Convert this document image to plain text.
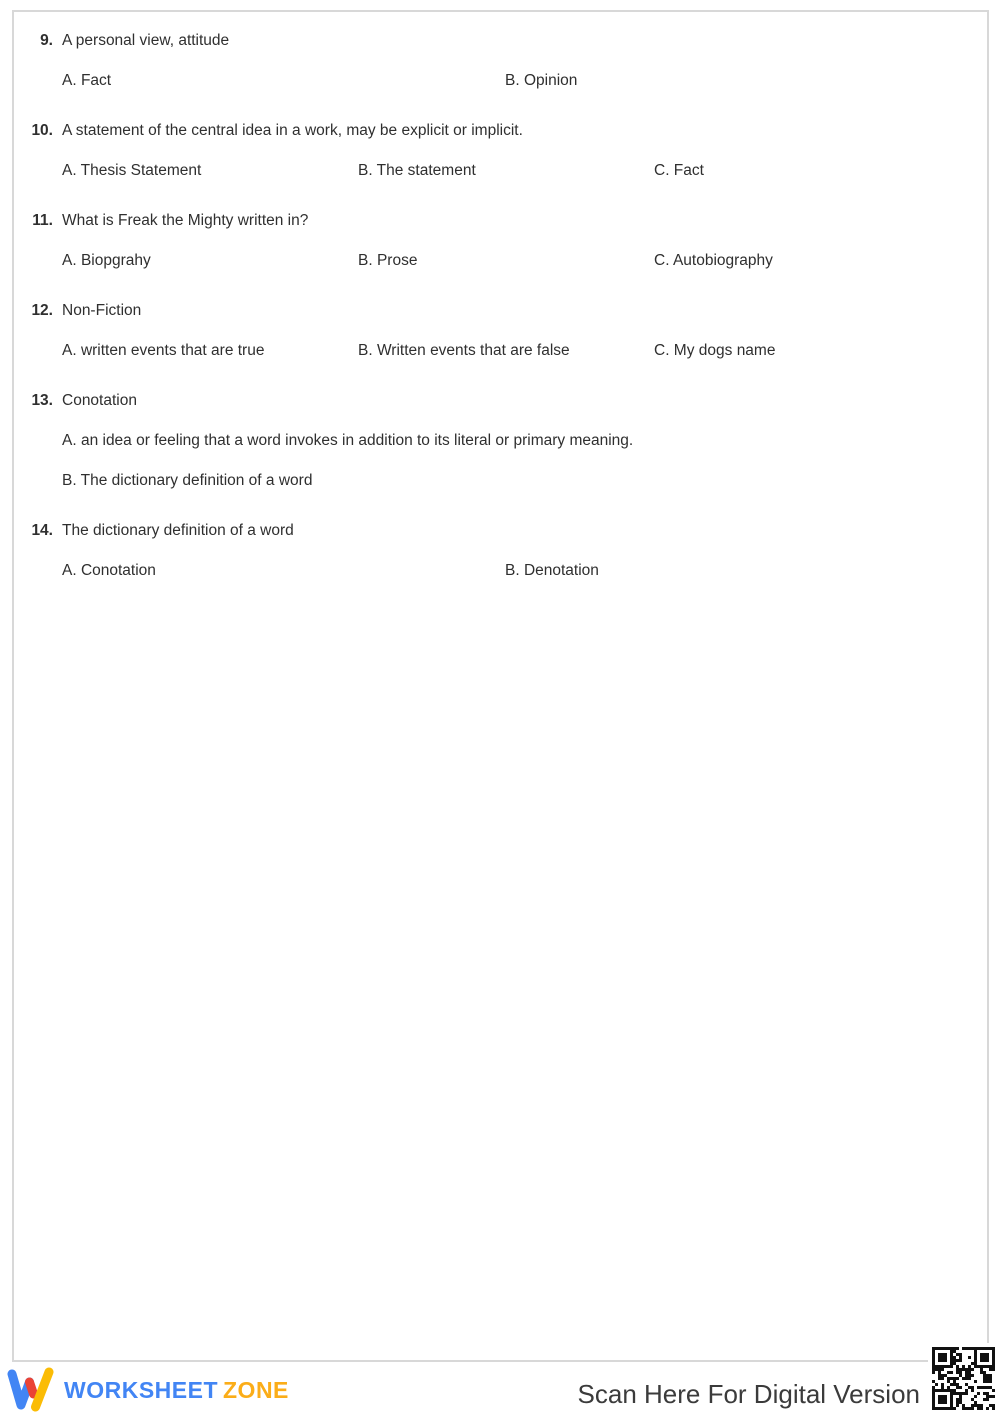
9. A personal view, attitude
A. Fact	B. Opinion
10. A statement of the central idea in a work, may be explicit or implicit.
A. Thesis Statement	B. The statement	C. Fact
11. What is Freak the Mighty written in?
A. Biopgrahy	B. Prose	C. Autobiography
12. Non-Fiction
A. written events that are true	B. Written events that are false	C. My dogs name
13. Conotation
A. an idea or feeling that a word invokes in addition to its literal or primary meaning.
B. The dictionary definition of a word
14. The dictionary definition of a word
A. Conotation	B. Denotation
WORKSHEET ZONE	Scan Here For Digital Version
